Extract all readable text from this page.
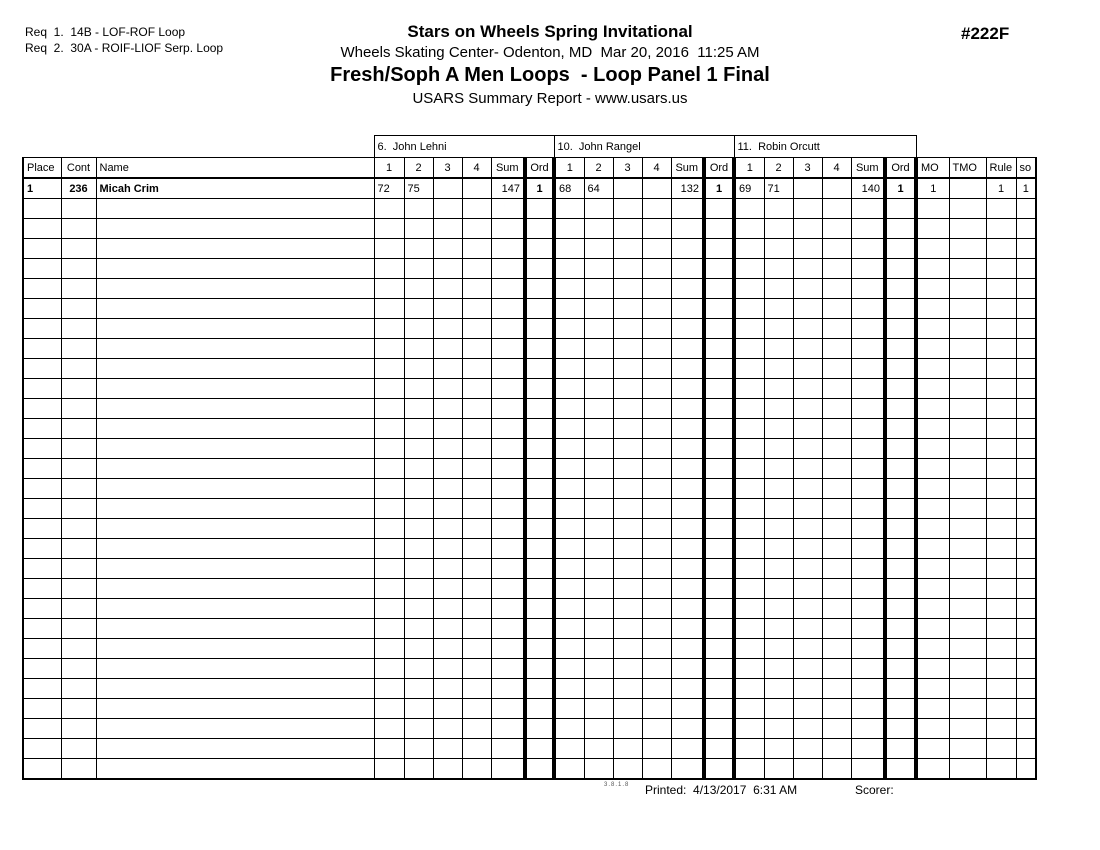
Req  1.  14B - LOF-ROF Loop
Req  2.  30A - ROIF-LIOF Serp. Loop
Stars on Wheels Spring Invitational
Wheels Skating Center- Odenton, MD  Mar 20, 2016  11:25 AM
Fresh/Soph A Men Loops  - Loop Panel 1 Final
USARS Summary Report - www.usars.us
#222F
			6.  John Lehni						10.  John Rangel						11.  Robin Orcutt									
Place	Cont	Name	1	2	3	4	Sum	Ord	1	2	3	4	Sum	Ord	1	2	3	4	Sum	Ord	MO	TMO	Rule	so
1	236	Micah Crim	72	75			147	1	68	64			132	1	69	71			140	1	1		1	1

3.8.1.8 Printed:  4/13/2017  6:31 AM	Scorer:
